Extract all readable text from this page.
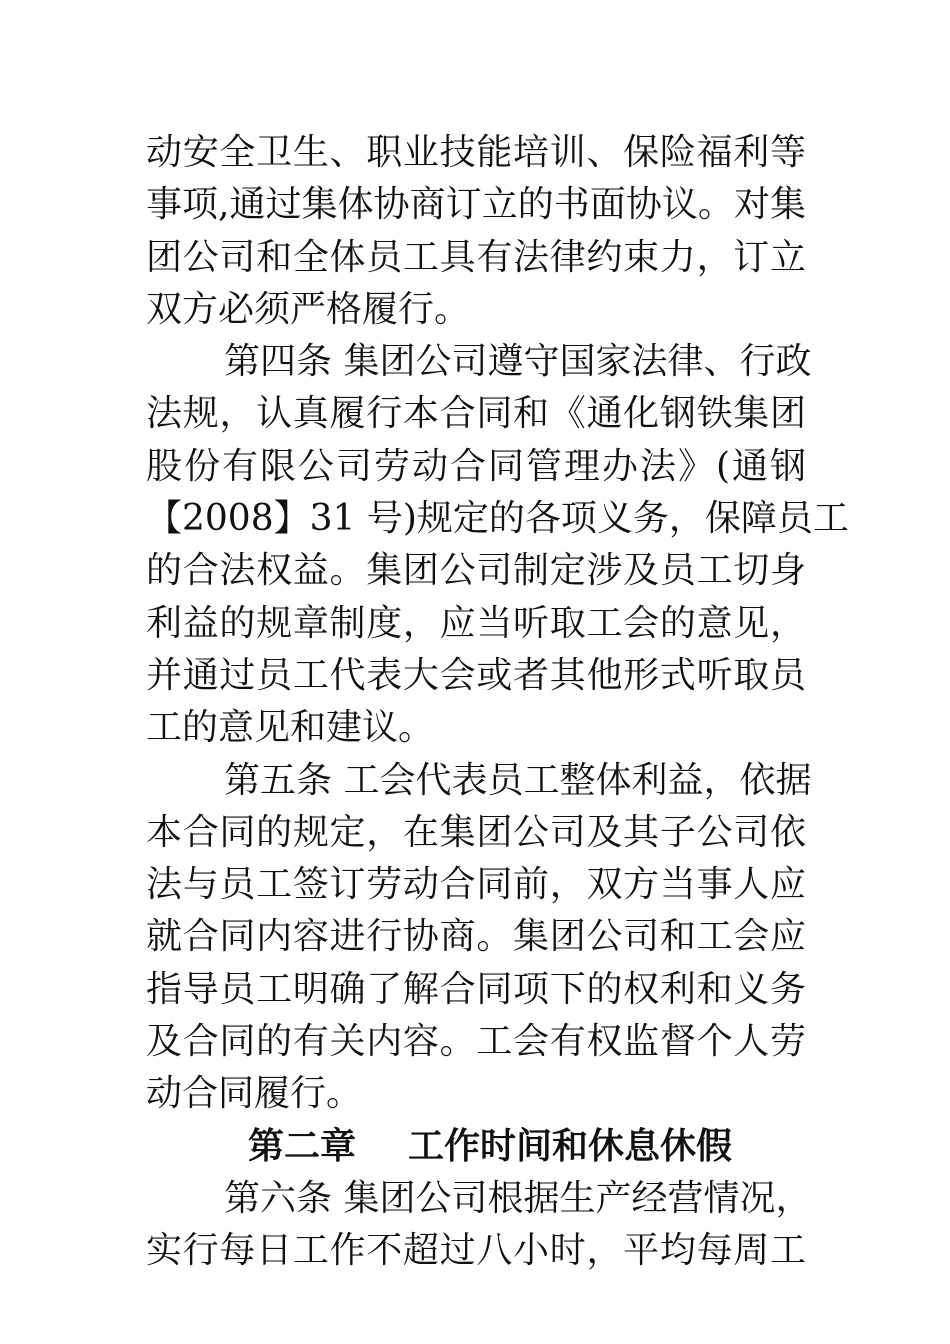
动安全卫生、职业技能培训、保险福利等
事项,通过集体协商订立的书面协议。对集
团公司和全体员工具有法律约束力，订立
双方必须严格履行。
第四条 集团公司遵守国家法律、行政
法规，认真履行本合同和《通化钢铁集团
股份有限公司劳动合同管理办法》(通钢
【2008】31 号)规定的各项义务，保障员工
的合法权益。集团公司制定涉及员工切身
利益的规章制度，应当听取工会的意见，
并通过员工代表大会或者其他形式听取员
工的意见和建议。
第五条 工会代表员工整体利益，依据
本合同的规定，在集团公司及其子公司依
法与员工签订劳动合同前，双方当事人应
就合同内容进行协商。集团公司和工会应
指导员工明确了解合同项下的权利和义务
及合同的有关内容。工会有权监督个人劳
动合同履行。
第二章 工作时间和休息休假
第六条 集团公司根据生产经营情况，
实行每日工作不超过八小时，平均每周工
